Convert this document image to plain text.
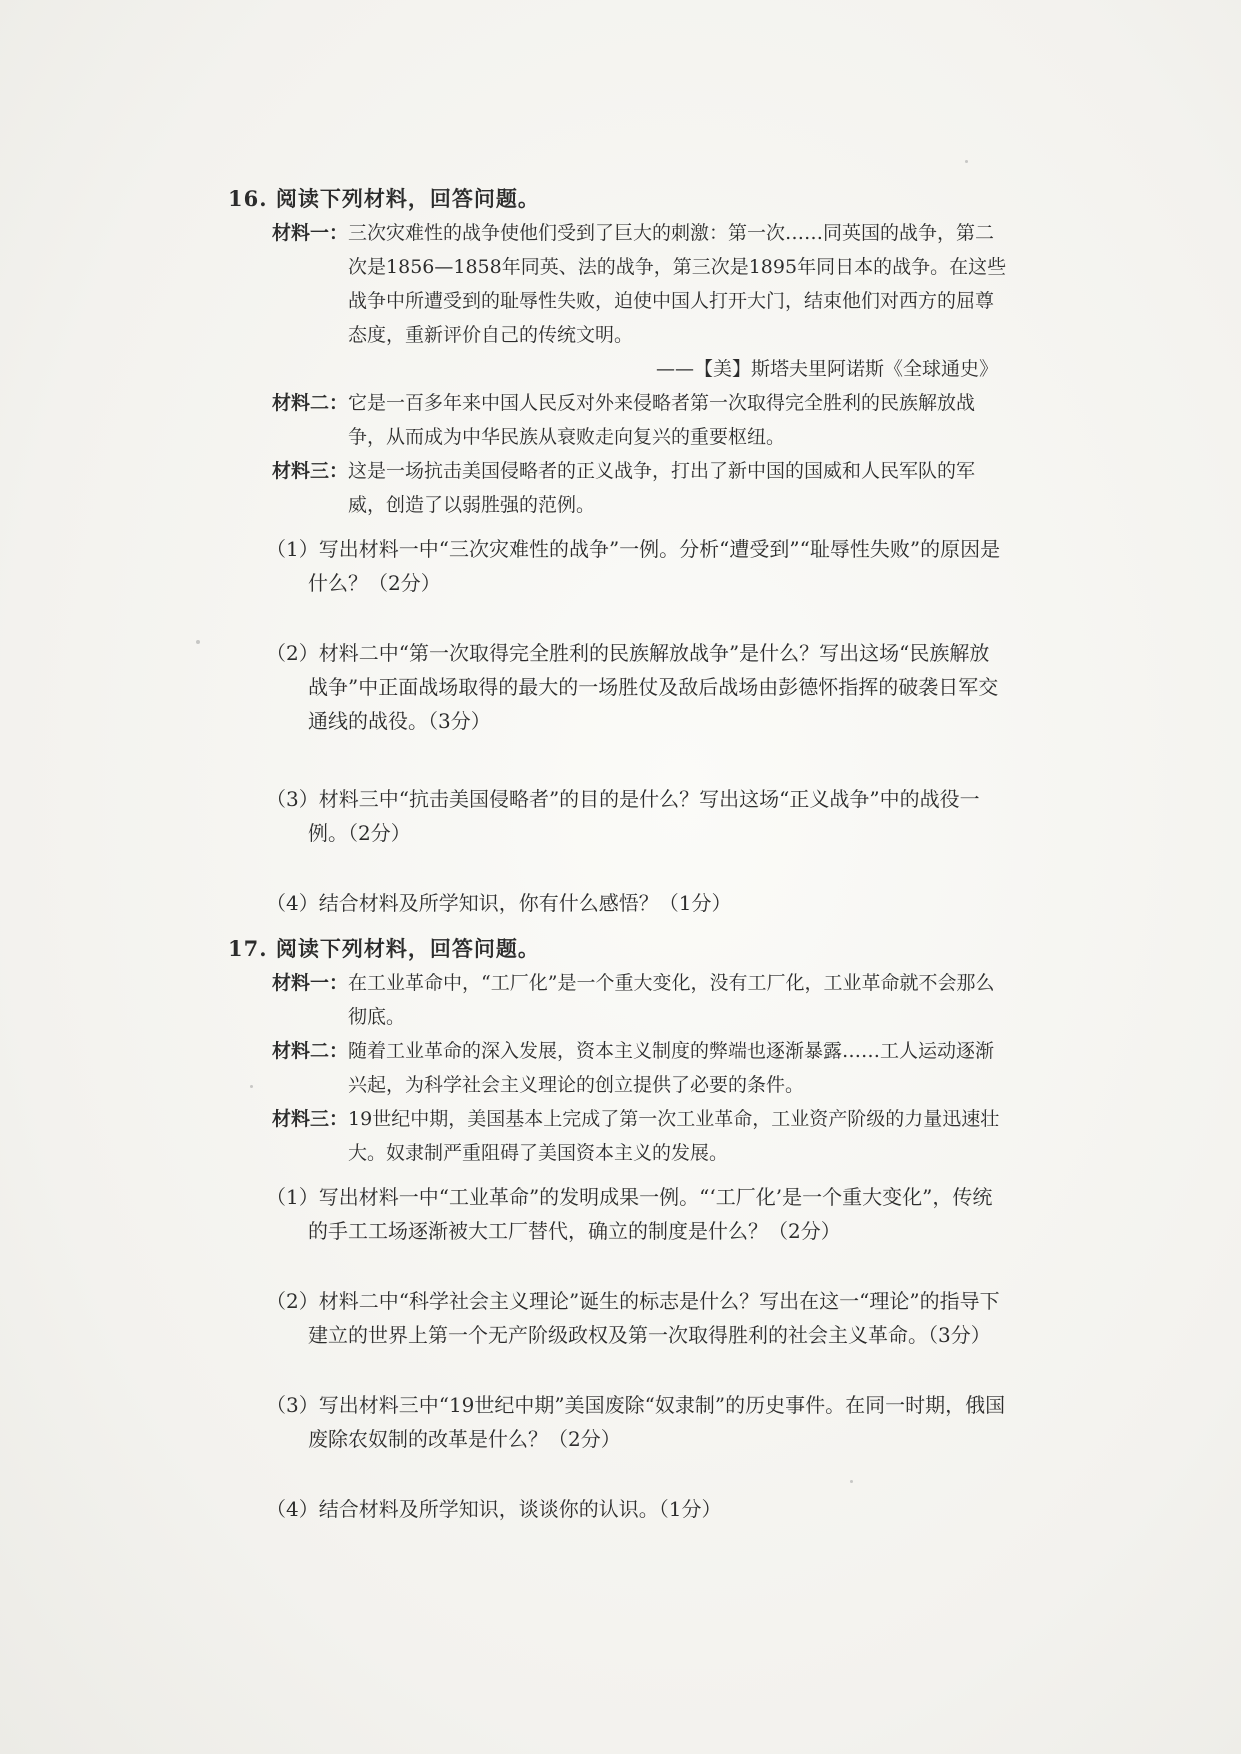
16. 阅读下列材料，回答问题。
材料一： 三次灾难性的战争使他们受到了巨大的刺激：第一次……同英国的战争，第二次是1856—1858年同英、法的战争，第三次是1895年同日本的战争。在这些战争中所遭受到的耻辱性失败，迫使中国人打开大门，结束他们对西方的屈尊态度，重新评价自己的传统文明。
——【美】斯塔夫里阿诺斯《全球通史》
材料二： 它是一百多年来中国人民反对外来侵略者第一次取得完全胜利的民族解放战争，从而成为中华民族从衰败走向复兴的重要枢纽。
材料三： 这是一场抗击美国侵略者的正义战争，打出了新中国的国威和人民军队的军威，创造了以弱胜强的范例。
（1）写出材料一中“三次灾难性的战争”一例。分析“遭受到”“耻辱性失败”的原因是什么？（2分）
（2）材料二中“第一次取得完全胜利的民族解放战争”是什么？写出这场“民族解放战争”中正面战场取得的最大的一场胜仗及敌后战场由彭德怀指挥的破袭日军交通线的战役。（3分）
（3）材料三中“抗击美国侵略者”的目的是什么？写出这场“正义战争”中的战役一例。（2分）
（4）结合材料及所学知识，你有什么感悟？（1分）
17. 阅读下列材料，回答问题。
材料一： 在工业革命中，“工厂化”是一个重大变化，没有工厂化，工业革命就不会那么彻底。
材料二： 随着工业革命的深入发展，资本主义制度的弊端也逐渐暴露……工人运动逐渐兴起，为科学社会主义理论的创立提供了必要的条件。
材料三： 19世纪中期，美国基本上完成了第一次工业革命，工业资产阶级的力量迅速壮大。奴隶制严重阻碍了美国资本主义的发展。
（1）写出材料一中“工业革命”的发明成果一例。“‘工厂化’是一个重大变化”，传统的手工工场逐渐被大工厂替代，确立的制度是什么？（2分）
（2）材料二中“科学社会主义理论”诞生的标志是什么？写出在这一“理论”的指导下建立的世界上第一个无产阶级政权及第一次取得胜利的社会主义革命。（3分）
（3）写出材料三中“19世纪中期”美国废除“奴隶制”的历史事件。在同一时期，俄国废除农奴制的改革是什么？（2分）
（4）结合材料及所学知识，谈谈你的认识。（1分）
